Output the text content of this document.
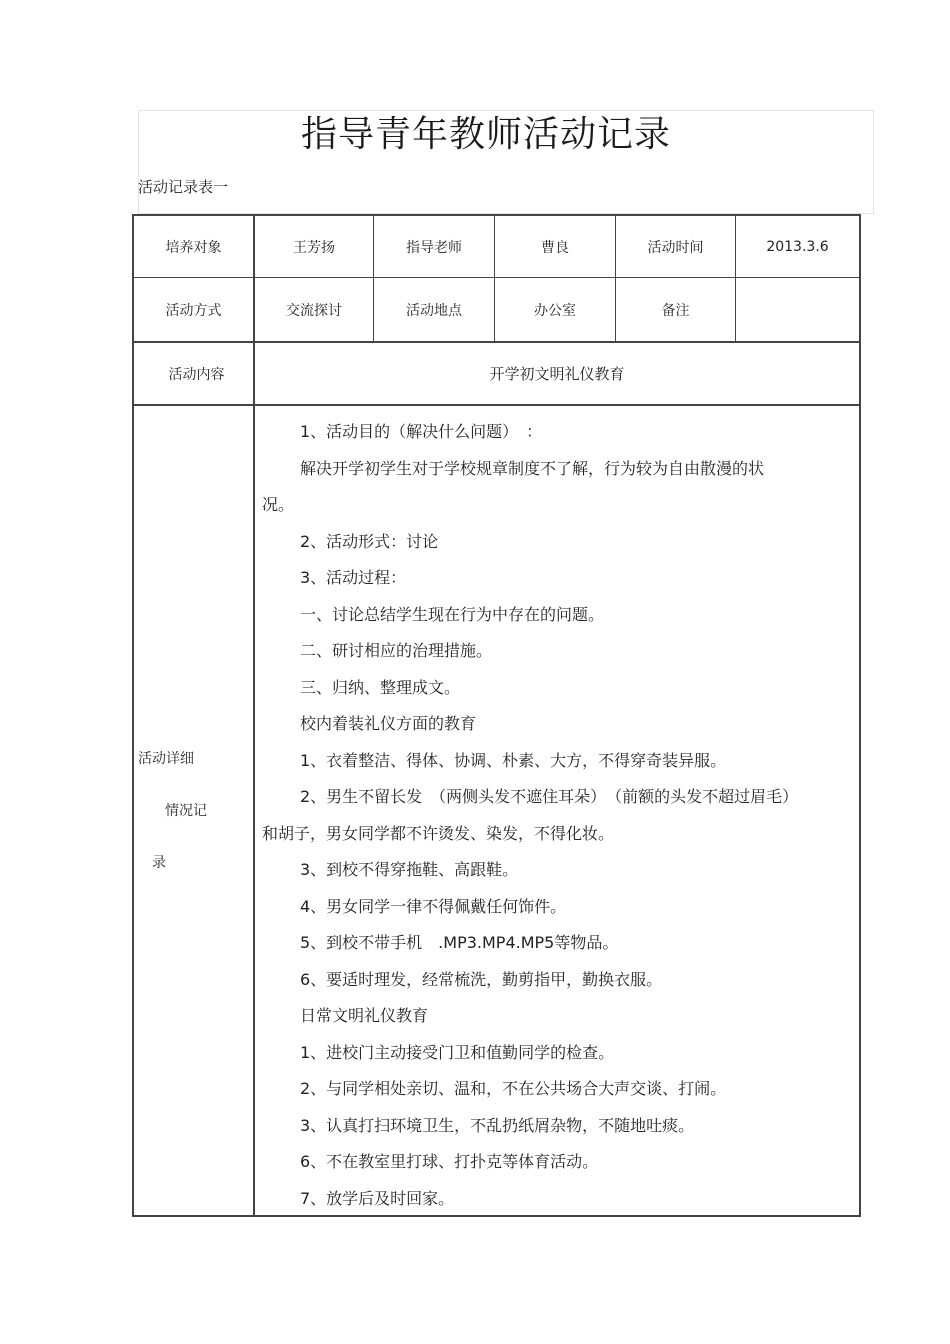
指导青年教师活动记录
活动记录表一
培养对象	王芳扬	指导老师	曹良	活动时间	2013.3.6
活动方式	交流探讨	活动地点	办公室	备注
活动内容	开学初文明礼仪教育
活动详细
情况记
录

1、活动目的（解决什么问题）　：

解决开学初学生对于学校规章制度不了解，行为较为自由散漫的状

况。

2、活动形式：讨论

3、活动过程：

一、讨论总结学生现在行为中存在的问题。

二、研讨相应的治理措施。

三、归纳、整理成文。

校内着装礼仪方面的教育

1、衣着整洁、得体、协调、朴素、大方，不得穿奇装异服。

2、男生不留长发　（两侧头发不遮住耳朵）　（前额的头发不超过眉毛）

和胡子，男女同学都不许烫发、染发，不得化妆。

3、到校不得穿拖鞋、高跟鞋。

4、男女同学一律不得佩戴任何饰件。

5、到校不带手机　.MP3.MP4.MP5等物品。

6、要适时理发，经常梳洗，勤剪指甲，勤换衣服。

日常文明礼仪教育

1、进校门主动接受门卫和值勤同学的检查。

2、与同学相处亲切、温和，不在公共场合大声交谈、打闹。

3、认真打扫环境卫生，不乱扔纸屑杂物，不随地吐痰。

6、不在教室里打球、打扑克等体育活动。

7、放学后及时回家。
